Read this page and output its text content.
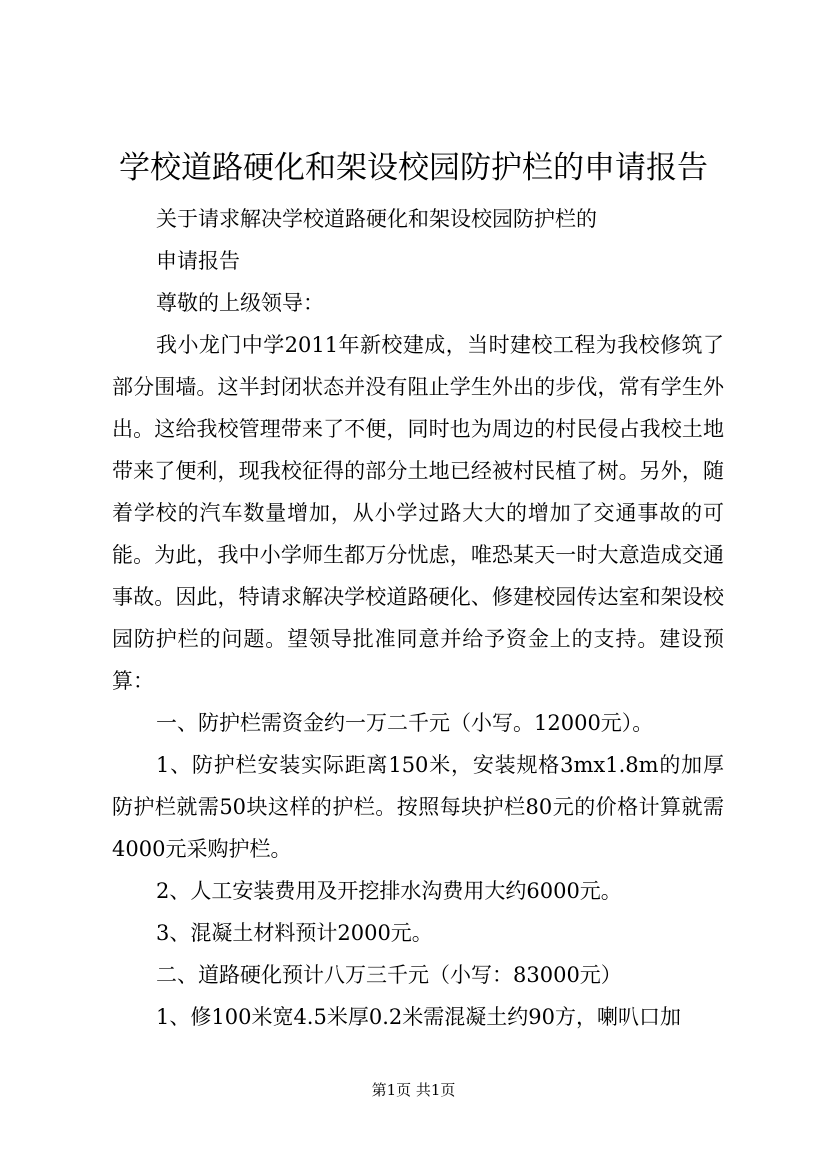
学校道路硬化和架设校园防护栏的申请报告

关于请求解决学校道路硬化和架设校园防护栏的

申请报告

尊敬的上级领导：

我小龙门中学2011年新校建成，当时建校工程为我校修筑了部分围墙。这半封闭状态并没有阻止学生外出的步伐，常有学生外出。这给我校管理带来了不便，同时也为周边的村民侵占我校土地带来了便利，现我校征得的部分土地已经被村民植了树。另外，随着学校的汽车数量增加，从小学过路大大的增加了交通事故的可能。为此，我中小学师生都万分忧虑，唯恐某天一时大意造成交通事故。因此，特请求解决学校道路硬化、修建校园传达室和架设校园防护栏的问题。望领导批准同意并给予资金上的支持。建设预算：

一、防护栏需资金约一万二千元（小写。12000元）。

1、防护栏安装实际距离150米，安装规格3mx1.8m的加厚防护栏就需50块这样的护栏。按照每块护栏80元的价格计算就需4000元采购护栏。

2、人工安装费用及开挖排水沟费用大约6000元。

3、混凝土材料预计2000元。

二、道路硬化预计八万三千元（小写：83000元）

1、修100米宽4.5米厚0.2米需混凝土约90方，喇叭口加

第1页 共1页
